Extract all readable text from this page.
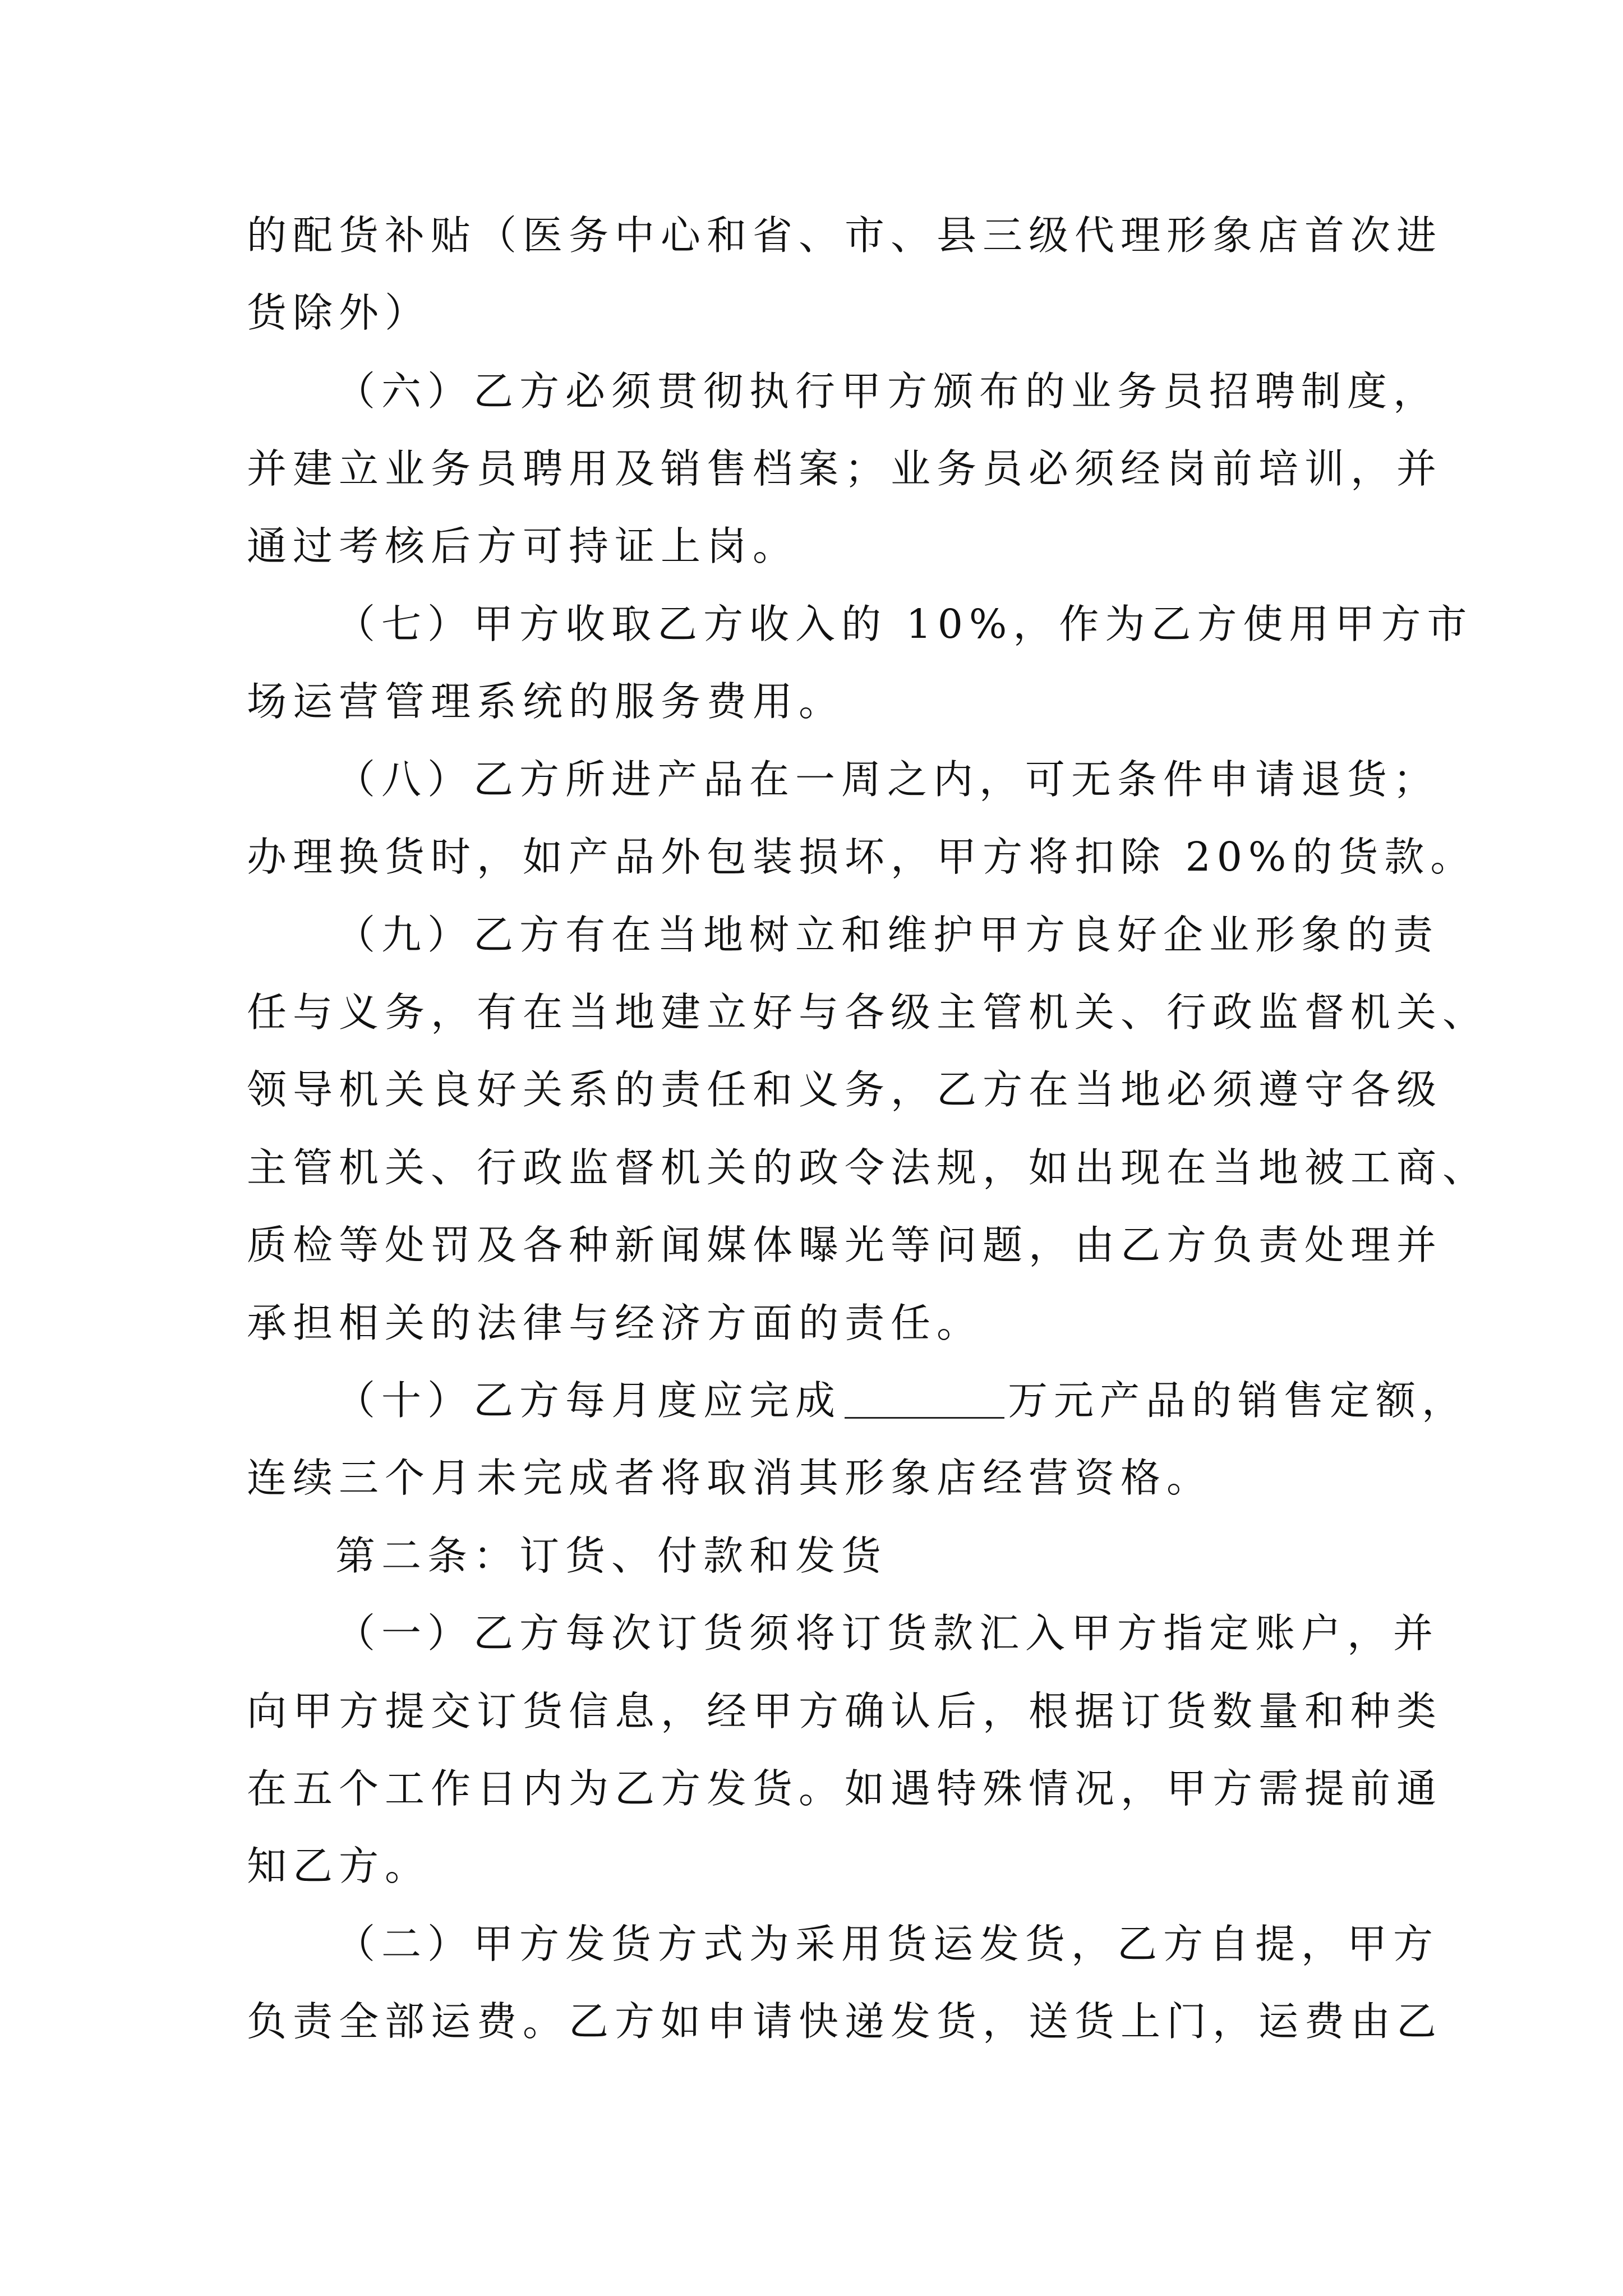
的配货补贴（医务中心和省、市、县三级代理形象店首次进
货除外）
（六）乙方必须贯彻执行甲方颁布的业务员招聘制度，
并建立业务员聘用及销售档案；业务员必须经岗前培训，并
通过考核后方可持证上岗。
（七）甲方收取乙方收入的 10%，作为乙方使用甲方市
场运营管理系统的服务费用。
（八）乙方所进产品在一周之内，可无条件申请退货；
办理换货时，如产品外包装损坏，甲方将扣除 20%的货款。
（九）乙方有在当地树立和维护甲方良好企业形象的责
任与义务，有在当地建立好与各级主管机关、行政监督机关、
领导机关良好关系的责任和义务，乙方在当地必须遵守各级
主管机关、行政监督机关的政令法规，如出现在当地被工商、
质检等处罚及各种新闻媒体曝光等问题，由乙方负责处理并
承担相关的法律与经济方面的责任。
（十）乙方每月度应完成	万元产品的销售定额，
连续三个月未完成者将取消其形象店经营资格。
第二条：订货、付款和发货
（一）乙方每次订货须将订货款汇入甲方指定账户，并
向甲方提交订货信息，经甲方确认后，根据订货数量和种类
在五个工作日内为乙方发货。如遇特殊情况，甲方需提前通
知乙方。
（二）甲方发货方式为采用货运发货，乙方自提，甲方
负责全部运费。乙方如申请快递发货，送货上门，运费由乙
